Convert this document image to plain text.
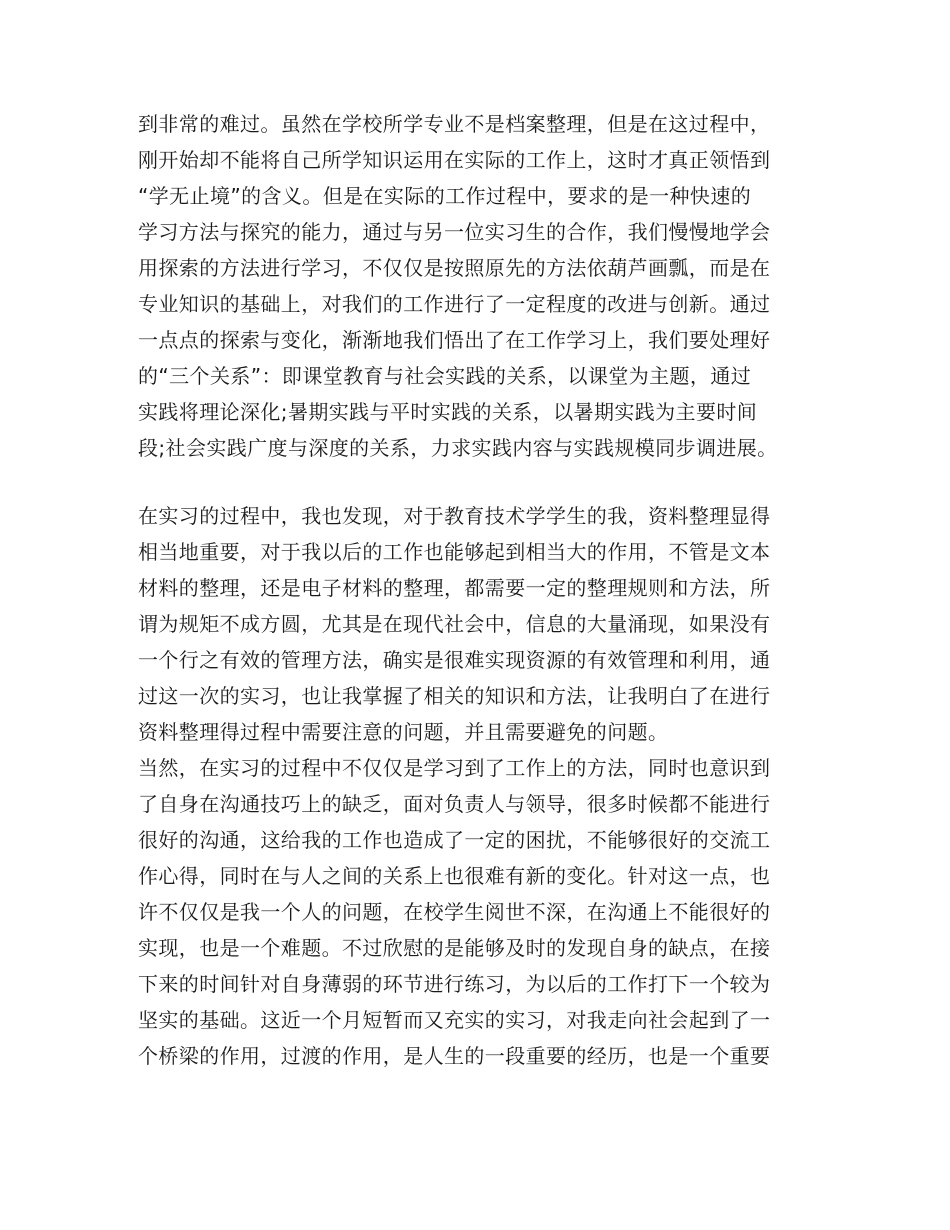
到非常的难过。虽然在学校所学专业不是档案整理，但是在这过程中，
刚开始却不能将自己所学知识运用在实际的工作上，这时才真正领悟到
“学无止境”的含义。但是在实际的工作过程中，要求的是一种快速的
学习方法与探究的能力，通过与另一位实习生的合作，我们慢慢地学会
用探索的方法进行学习，不仅仅是按照原先的方法依葫芦画瓢，而是在
专业知识的基础上，对我们的工作进行了一定程度的改进与创新。通过
一点点的探索与变化，渐渐地我们悟出了在工作学习上，我们要处理好
的“三个关系”：即课堂教育与社会实践的关系，以课堂为主题，通过
实践将理论深化;暑期实践与平时实践的关系，以暑期实践为主要时间
段;社会实践广度与深度的关系，力求实践内容与实践规模同步调进展。
在实习的过程中，我也发现，对于教育技术学学生的我，资料整理显得
相当地重要，对于我以后的工作也能够起到相当大的作用，不管是文本
材料的整理，还是电子材料的整理，都需要一定的整理规则和方法，所
谓为规矩不成方圆，尤其是在现代社会中，信息的大量涌现，如果没有
一个行之有效的管理方法，确实是很难实现资源的有效管理和利用，通
过这一次的实习，也让我掌握了相关的知识和方法，让我明白了在进行
资料整理得过程中需要注意的问题，并且需要避免的问题。
当然，在实习的过程中不仅仅是学习到了工作上的方法，同时也意识到
了自身在沟通技巧上的缺乏，面对负责人与领导，很多时候都不能进行
很好的沟通，这给我的工作也造成了一定的困扰，不能够很好的交流工
作心得，同时在与人之间的关系上也很难有新的变化。针对这一点，也
许不仅仅是我一个人的问题，在校学生阅世不深，在沟通上不能很好的
实现，也是一个难题。不过欣慰的是能够及时的发现自身的缺点，在接
下来的时间针对自身薄弱的环节进行练习，为以后的工作打下一个较为
坚实的基础。这近一个月短暂而又充实的实习，对我走向社会起到了一
个桥梁的作用，过渡的作用，是人生的一段重要的经历，也是一个重要
